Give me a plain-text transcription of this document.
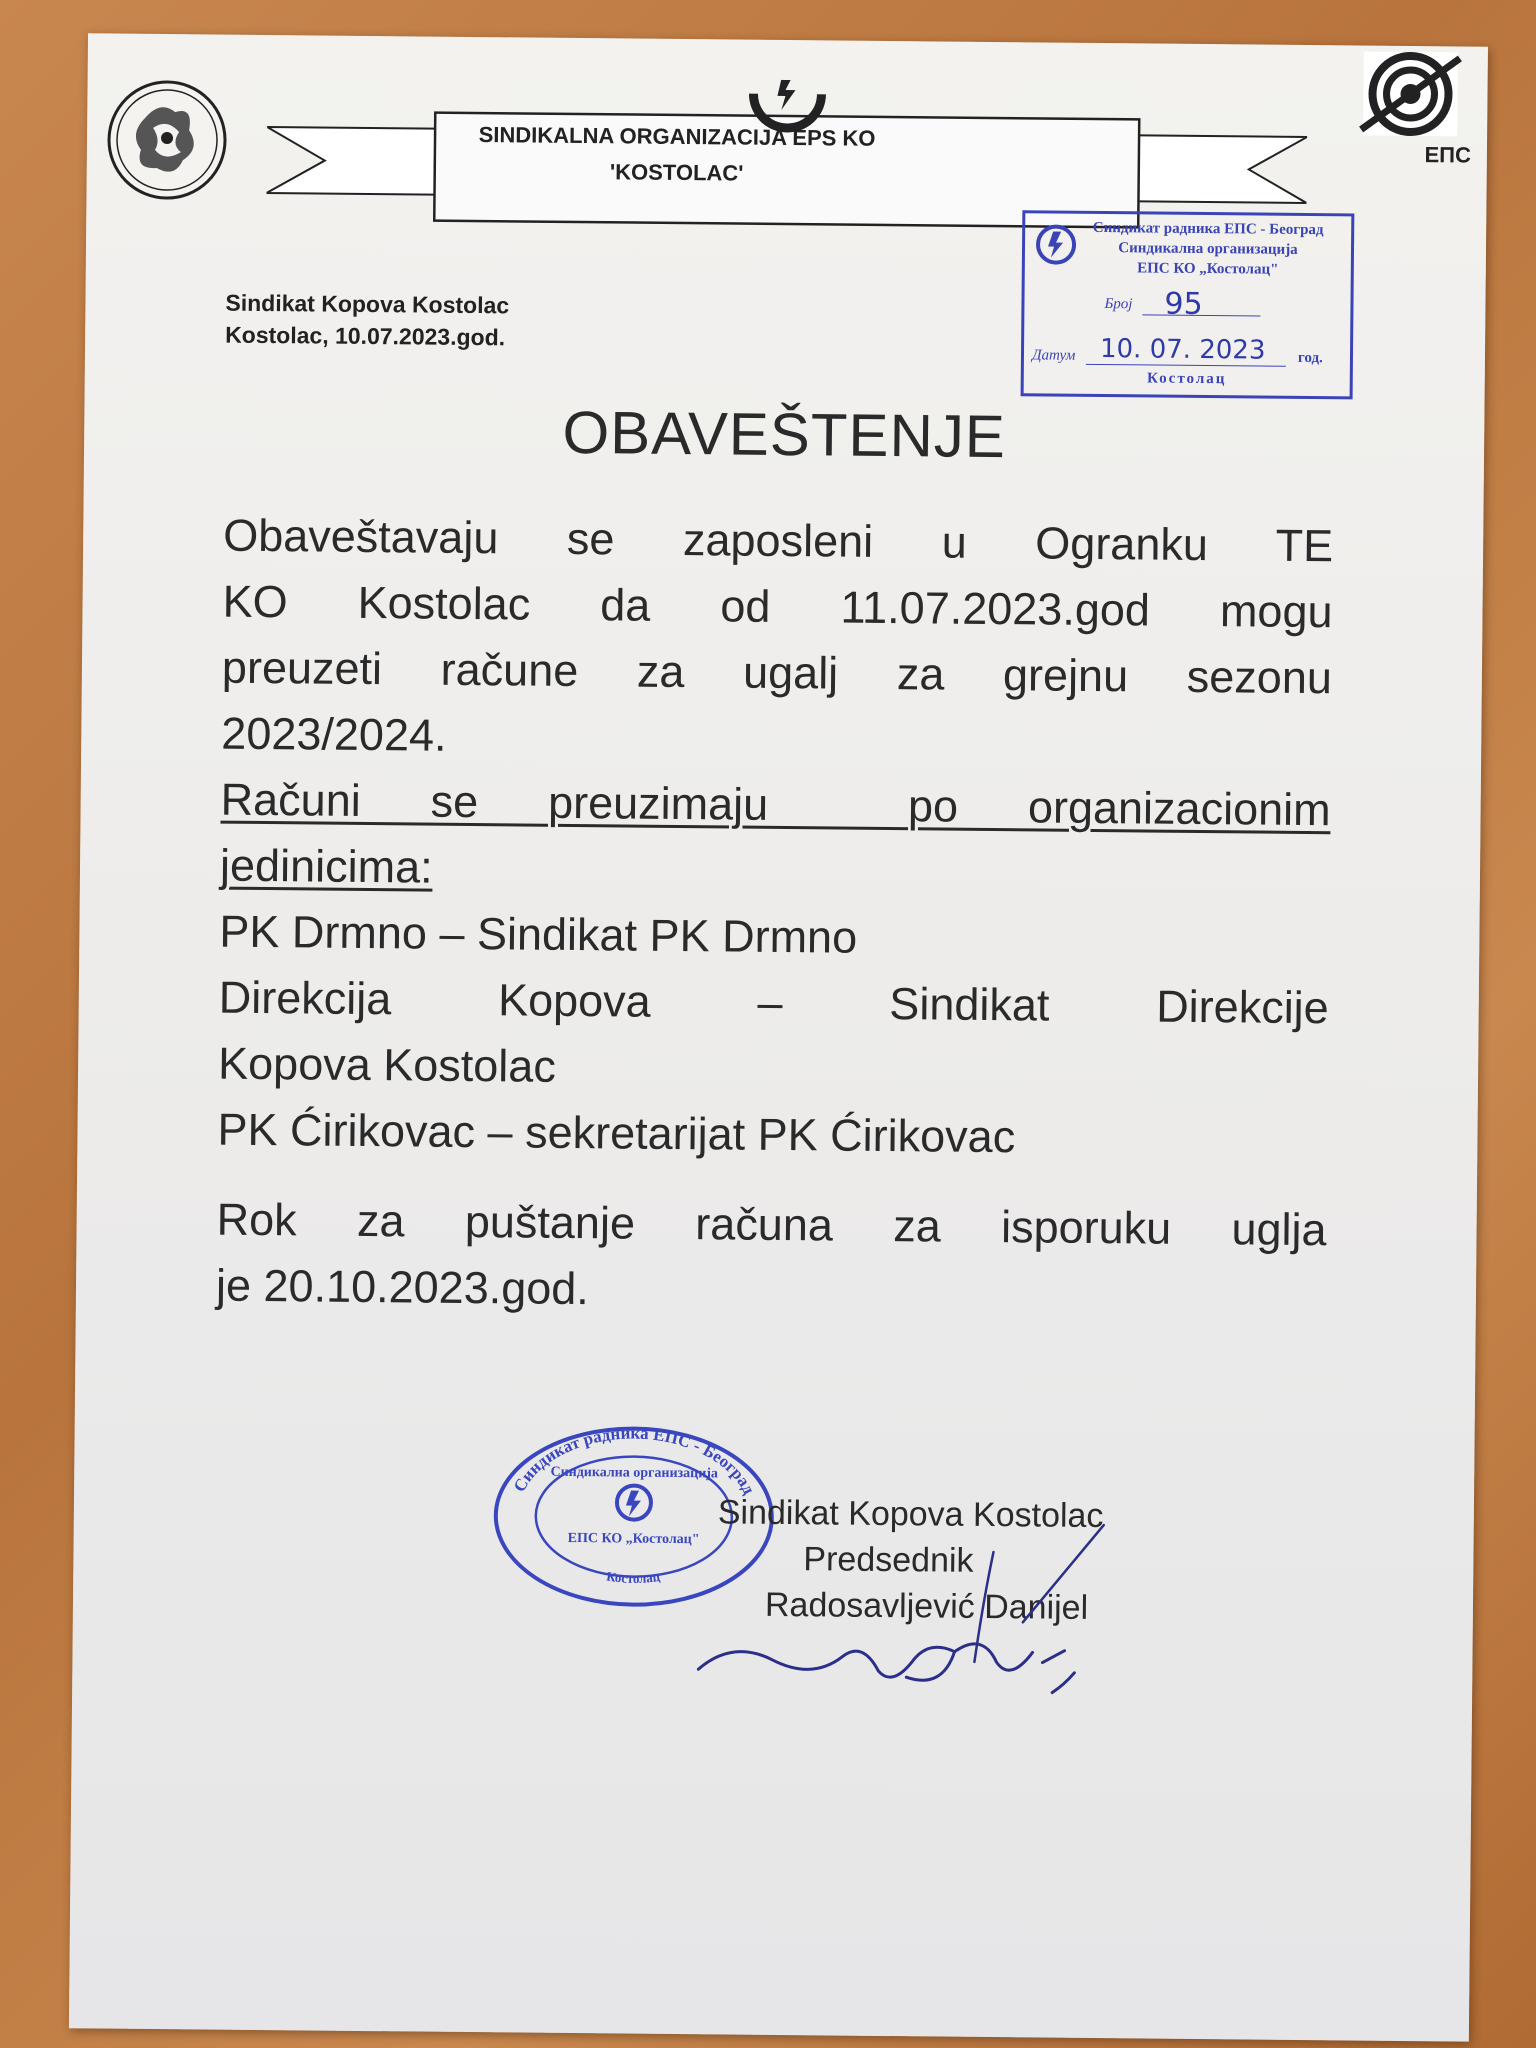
SINDIKALNA ORGANIZACIJA EPS KO
'KOSTOLAC'
ЕПС
Sindikat Kopova Kostolac
Kostolac, 10.07.2023.god.
Синдикат радника ЕПС - Београд
Синдикална организација
ЕПС КО „Костолац"
Број 95
Датум 10. 07. 2023 год.
Костолац
OBAVEŠTENJE

Obaveštavaju se zaposleni u Ogranku TE

KO Kostolac da od 11.07.2023.god mogu

preuzeti račune za ugalj za grejnu sezonu

2023/2024.

Računi se preuzimaju  po organizacionim

jedinicima:

PK Drmno – Sindikat PK Drmno

Direkcija Kopova – Sindikat Direkcije

Kopova Kostolac

PK Ćirikovac – sekretarijat PK Ćirikovac

Rok za puštanje računa za isporuku uglja

je 20.10.2023.god.

Синдикат радника ЕПС - Београд
Костолац
Синдикална организација
ЕПС КО „Костолац"
Sindikat Kopova Kostolac
Predsednik
Radosavljević Danijel
